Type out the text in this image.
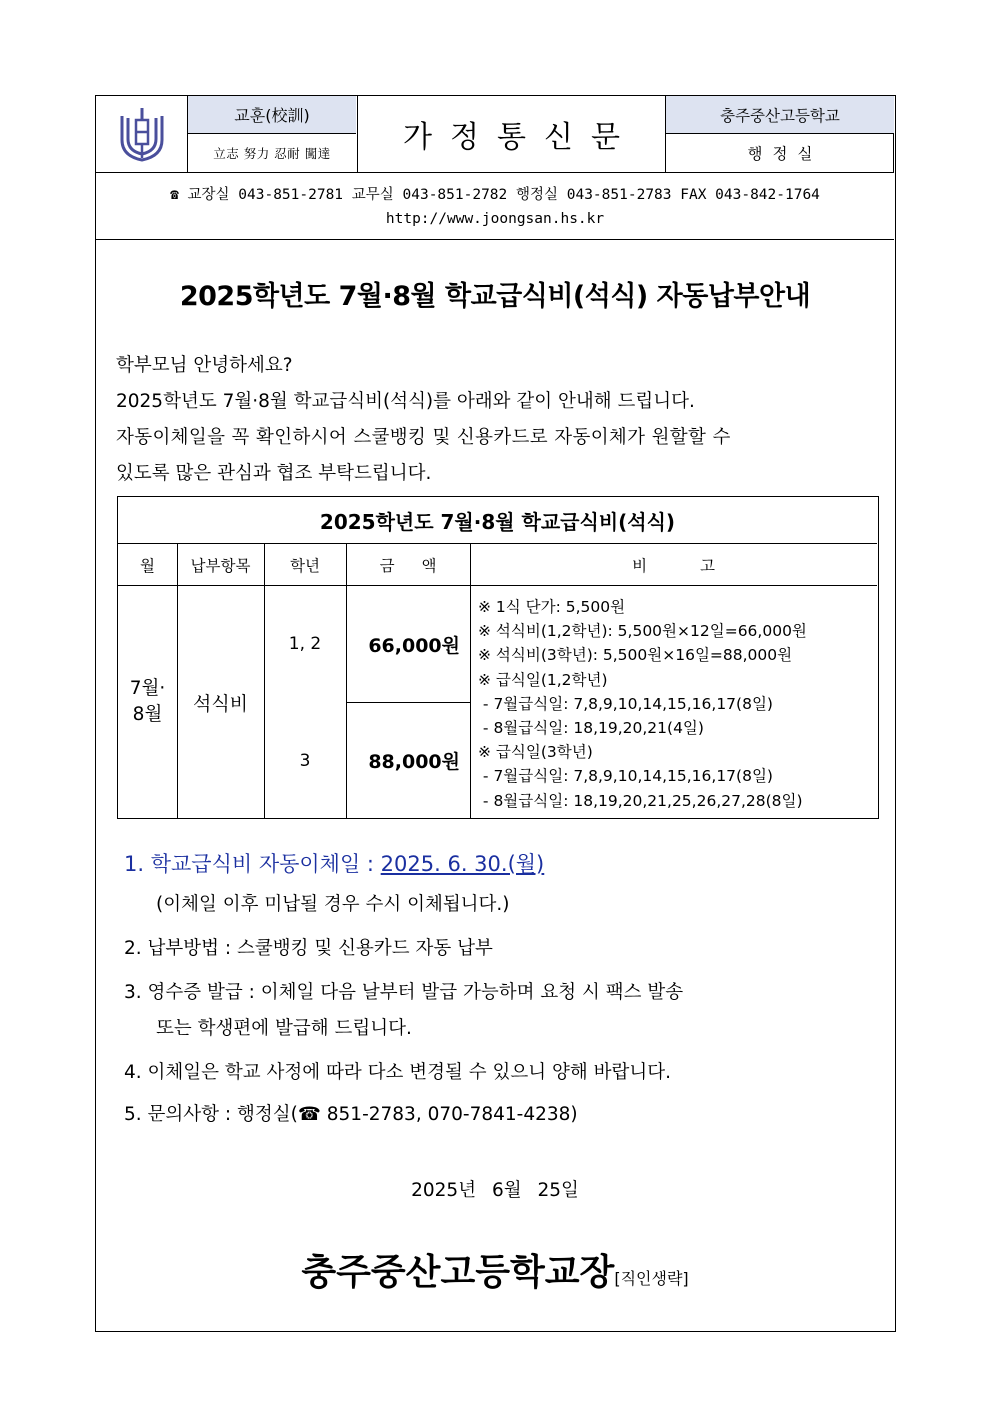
교훈(校訓)
立志 努力 忍耐 闖達	가정통신문
충주중산고등학교
행정실
☎ 교장실 043-851-2781 교무실 043-851-2782 행정실 043-851-2783 FAX 043-842-1764
http://www.joongsan.hs.kr
2025학년도 7월·8월 학교급식비(석식) 자동납부안내

학부모님 안녕하세요?

2025학년도 7월·8월 학교급식비(석식)를 아래와 같이 안내해 드립니다.

자동이체일을 꼭 확인하시어 스쿨뱅킹 및 신용카드로 자동이체가 원할할 수

있도록 많은 관심과 협조 부탁드립니다.

2025학년도 7월·8월 학교급식비(석식)
월	납부항목	학년	금 액	비 고
7월·
8월	석식비
1, 2	66,000원
3	88,000원
※ 1식 단가: 5,500원
※ 석식비(1,2학년): 5,500원×12일=66,000원
※ 석식비(3학년): 5,500원×16일=88,000원
※ 급식일(1,2학년)
- 7월급식일: 7,8,9,10,14,15,16,17(8일)
- 8월급식일: 18,19,20,21(4일)
※ 급식일(3학년)
- 7월급식일: 7,8,9,10,14,15,16,17(8일)
- 8월급식일: 18,19,20,21,25,26,27,28(8일)
1. 학교급식비 자동이체일 : 2025. 6. 30.(월)
(이체일 이후 미납될 경우 수시 이체됩니다.)
2. 납부방법 : 스쿨뱅킹 및 신용카드 자동 납부
3. 영수증 발급 : 이체일 다음 날부터 발급 가능하며 요청 시 팩스 발송
또는 학생편에 발급해 드립니다.
4. 이체일은 학교 사정에 따라 다소 변경될 수 있으니 양해 바랍니다.
5. 문의사항 : 행정실(☎ 851-2783, 070-7841-4238)
2025년 6월 25일
충주중산고등학교장[직인생략]
